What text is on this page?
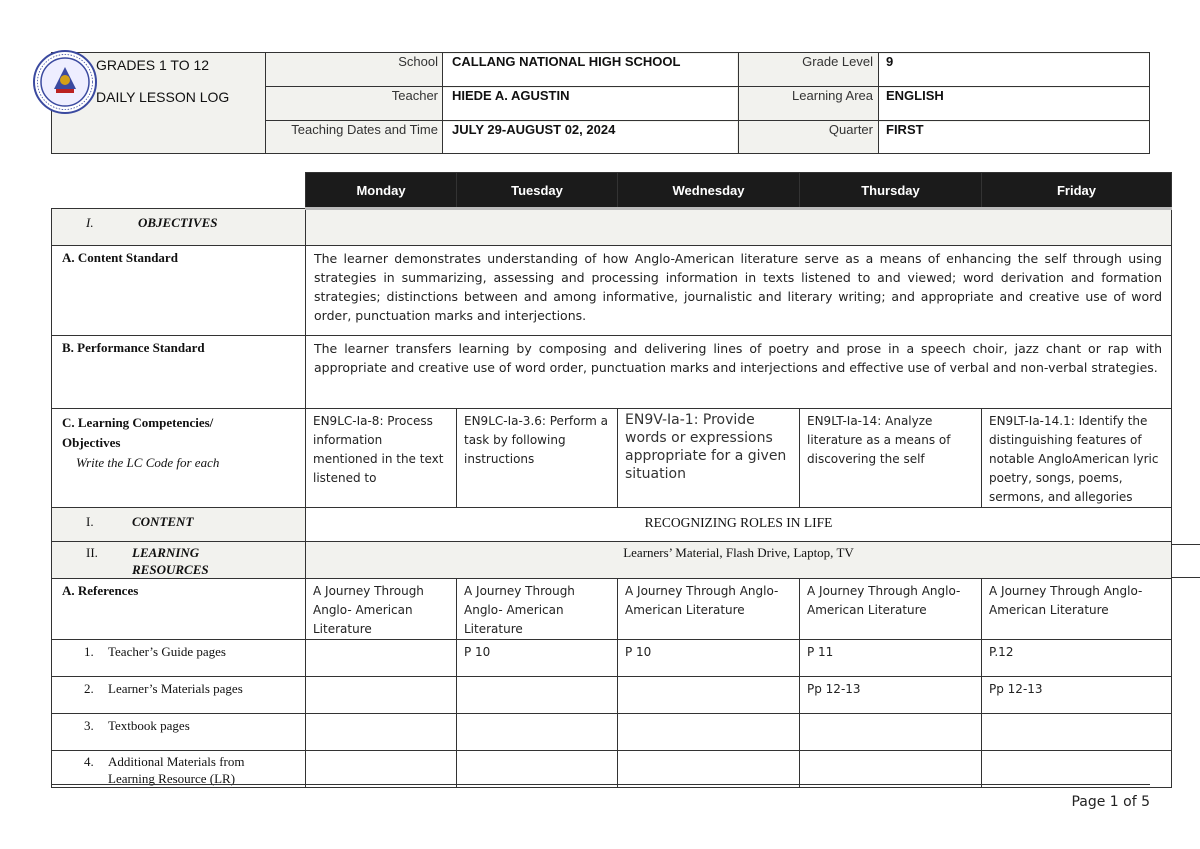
GRADES 1 TO 12
DAILY LESSON LOG
School CALLANG NATIONAL HIGH SCHOOL
Teacher HIEDE A. AGUSTIN
Teaching Dates and Time JULY 29-AUGUST 02, 2024
Grade Level 9
Learning Area ENGLISH
Quarter FIRST
	Monday	Tuesday	Wednesday	Thursday	Friday
I. OBJECTIVES					
A. Content Standard	The learner demonstrates understanding of how Anglo-American literature serve as a means of enhancing the self through using strategies in summarizing, assessing and processing information in texts listened to and viewed; word derivation and formation strategies; distinctions between and among informative, journalistic and literary writing; and appropriate and creative use of word order, punctuation marks and interjections.				
B. Performance Standard	The learner transfers learning by composing and delivering lines of poetry and prose in a speech choir, jazz chant or rap with appropriate and creative use of word order, punctuation marks and interjections and effective use of verbal and non-verbal strategies.				
C. Learning Competencies/
Objectives
Write the LC Code for each	EN9LC-Ia-8: Process information mentioned in the text listened to	EN9LC-Ia-3.6: Perform a task by following instructions	EN9V-Ia-1: Provide words or expressions appropriate for a given situation	EN9LT-Ia-14: Analyze literature as a means of discovering the self	EN9LT-Ia-14.1: Identify the distinguishing features of notable AngloAmerican lyric poetry, songs, poems, sermons, and allegories
I. CONTENT	RECOGNIZING ROLES IN LIFE				
II. LEARNING
RESOURCES	Learners’ Material, Flash Drive, Laptop, TV				
A. References	A Journey Through Anglo- American Literature	A Journey Through Anglo- American Literature	A Journey Through Anglo-American Literature	A Journey Through Anglo-American Literature	A Journey Through Anglo-American Literature
1. Teacher’s Guide pages		P 10	P 10	P 11	P.12
2. Learner’s Materials pages				Pp 12-13	Pp 12-13
3. Textbook pages					
4. Additional Materials from
Learning Resource (LR)					
Page 1 of 5
